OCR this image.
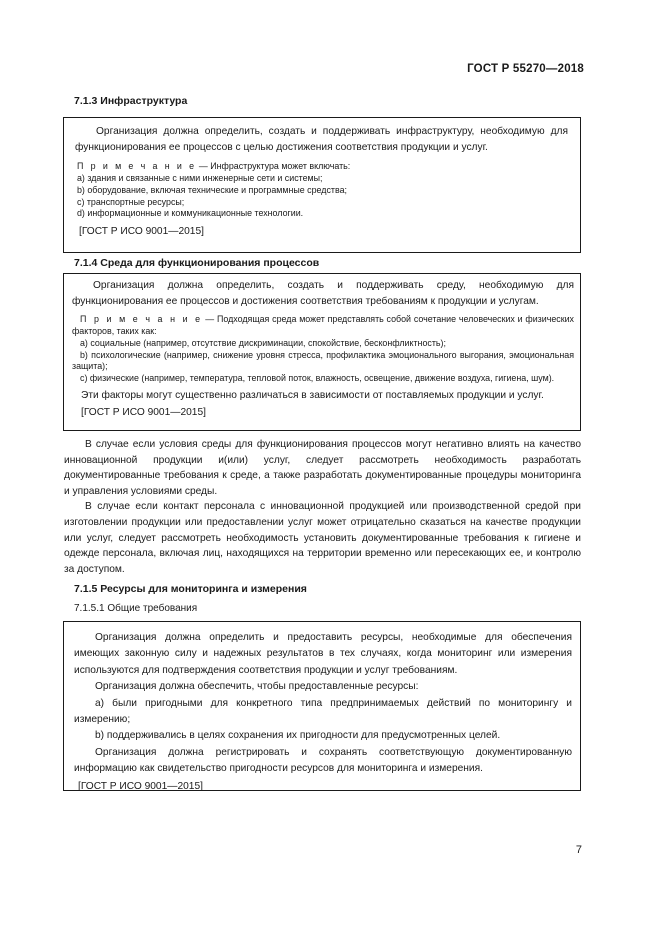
ГОСТ Р 55270—2018
7.1.3 Инфраструктура

Организация должна определить, создать и поддерживать инфраструктуру, необходимую для функционирования ее процессов с целью достижения соответствия продукции и услуг.

П р и м е ч а н и е — Инфраструктура может включать:

a) здания и связанные с ними инженерные сети и системы;

b) оборудование, включая технические и программные средства;

c) транспортные ресурсы;

d) информационные и коммуникационные технологии.

[ГОСТ Р ИСО 9001—2015]

7.1.4 Среда для функционирования процессов

Организация должна определить, создать и поддерживать среду, необходимую для функционирования ее процессов и достижения соответствия требованиям к продукции и услугам.

П р и м е ч а н и е — Подходящая среда может представлять собой сочетание человеческих и физических факторов, таких как:

a) социальные (например, отсутствие дискриминации, спокойствие, бесконфликтность);

b) психологические (например, снижение уровня стресса, профилактика эмоционального выгорания, эмоциональная защита);

c) физические (например, температура, тепловой поток, влажность, освещение, движение воздуха, гигиена, шум).

Эти факторы могут существенно различаться в зависимости от поставляемых продукции и услуг.

[ГОСТ Р ИСО 9001—2015]

В случае если условия среды для функционирования процессов могут негативно влиять на качество инновационной продукции и(или) услуг, следует рассмотреть необходимость разработать документированные требования к среде, а также разработать документированные процедуры мониторинга и управления условиями среды.

В случае если контакт персонала с инновационной продукцией или производственной средой при изготовлении продукции или предоставлении услуг может отрицательно сказаться на качестве продукции или услуг, следует рассмотреть необходимость установить документированные требования к гигиене и одежде персонала, включая лиц, находящихся на территории временно или пересекающих ее, и контролю за доступом.

7.1.5 Ресурсы для мониторинга и измерения
7.1.5.1 Общие требования

Организация должна определить и предоставить ресурсы, необходимые для обеспечения имеющих законную силу и надежных результатов в тех случаях, когда мониторинг или измерения используются для подтверждения соответствия продукции и услуг требованиям.

Организация должна обеспечить, чтобы предоставленные ресурсы:

a) были пригодными для конкретного типа предпринимаемых действий по мониторингу и измерению;

b) поддерживались в целях сохранения их пригодности для предусмотренных целей.

Организация должна регистрировать и сохранять соответствующую документированную информацию как свидетельство пригодности ресурсов для мониторинга и измерения.

[ГОСТ Р ИСО 9001—2015]

7
